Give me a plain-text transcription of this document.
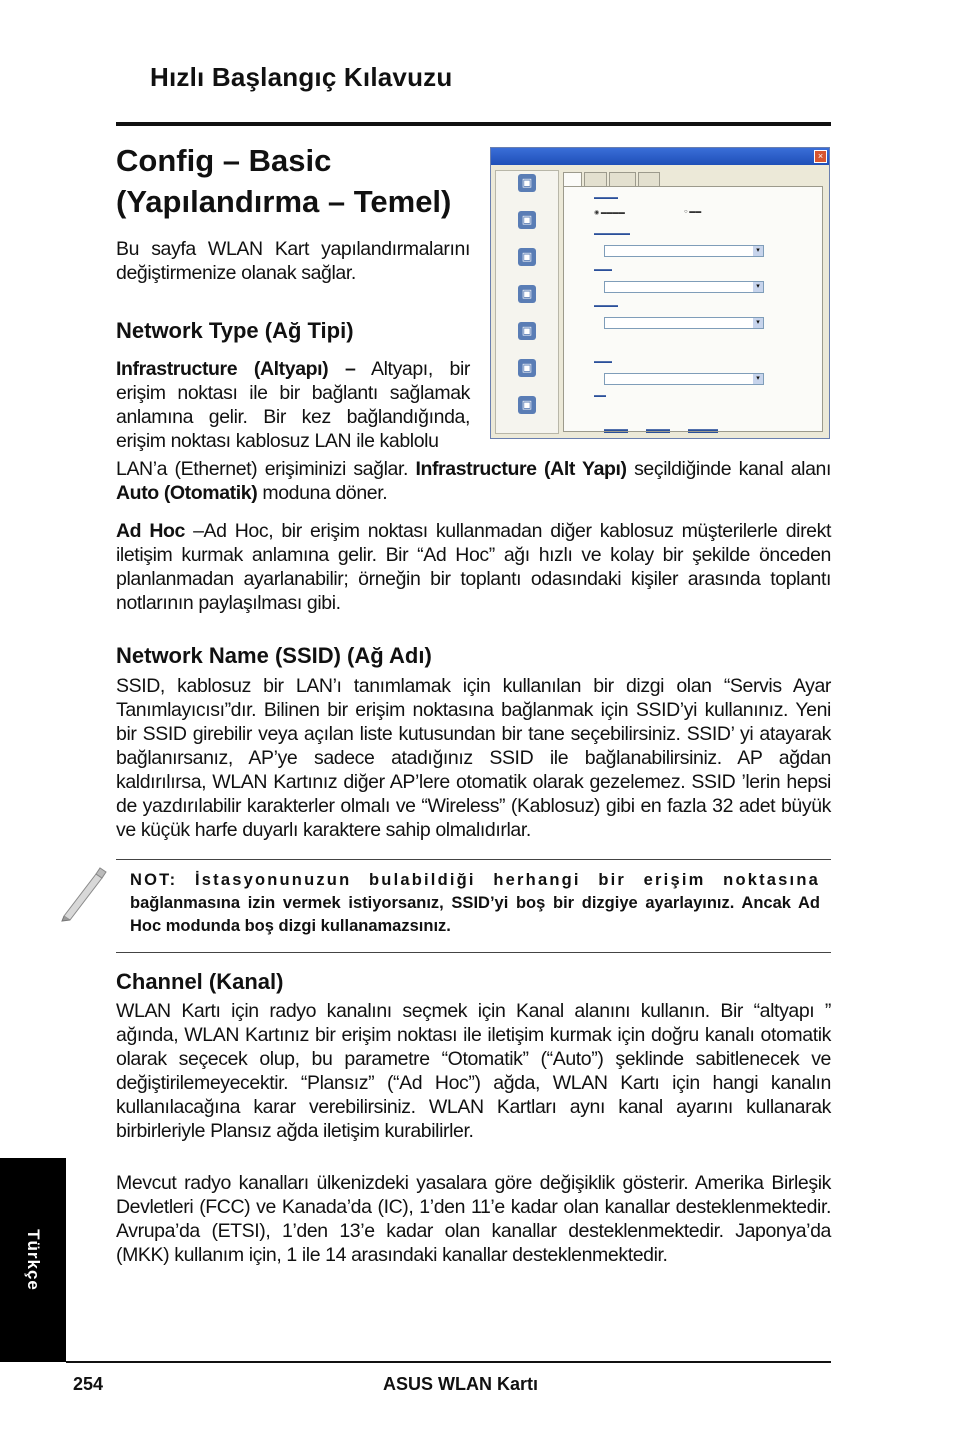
Hızlı Başlangıç Kılavuzu
Config – Basic
(Yapılandırma – Temel)

Bu sayfa WLAN Kart yapılandırmalarını değiştirmenize olanak sağlar.

×
▣
▣
▣
▣
▣
▣
▣

▬▬▬▬
◉ ▬▬▬▬	○ ▬▬
▬▬▬▬▬▬
▾
▬▬▬
▾
▬▬▬▬
▾
▬▬▬
▾
▬▬
▬▬▬▬	▬▬▬▬	▬▬▬▬▬
Network Type (Ağ Tipi)

Infrastructure (Altyapı) – Altyapı, bir erişim noktası ile bir bağlantı sağlamak anlamına gelir. Bir kez bağlandığında, erişim noktası kablosuz LAN ile kablolu

LAN’a (Ethernet) erişiminizi sağlar. Infrastructure (Alt Yapı) seçildiğinde kanal alanı Auto (Otomatik) moduna döner.

Ad Hoc –Ad Hoc, bir erişim noktası kullanmadan diğer kablosuz müşterilerle direkt iletişim kurmak anlamına gelir. Bir “Ad Hoc” ağı hızlı ve kolay bir şekilde önceden planlanmadan ayarlanabilir; örneğin bir toplantı odasındaki kişiler arasında toplantı notlarının paylaşılması gibi.

Network Name (SSID) (Ağ Adı)

SSID, kablosuz bir LAN’ı tanımlamak için kullanılan bir dizgi olan “Servis Ayar Tanımlayıcısı”dır. Bilinen bir erişim noktasına bağlanmak için SSID’yi kullanınız. Yeni bir SSID girebilir veya açılan liste kutusundan bir tane seçebilirsiniz. SSID’ yi atayarak bağlanırsanız, AP’ye sadece atadığınız SSID ile bağlanabilirsiniz. AP ağdan kaldırılırsa, WLAN Kartınız diğer AP’lere otomatik olarak gezelemez. SSID ’lerin hepsi de yazdırılabilir karakterler olmalı ve “Wireless” (Kablosuz) gibi en fazla 32 adet büyük ve küçük harfe duyarlı karaktere sahip olmalıdırlar.

NOT: İstasyonunuzun bulabildiği herhangi bir erişim noktasına bağlanmasına izin vermek istiyorsanız, SSID’yi boş bir dizgiye ayarlayınız. Ancak Ad Hoc modunda boş dizgi kullanamazsınız.

Channel (Kanal)

WLAN Kartı için radyo kanalını seçmek için Kanal alanını kullanın. Bir “altyapı ” ağında, WLAN Kartınız bir erişim noktası ile iletişim kurmak için doğru kanalı otomatik olarak seçecek olup, bu parametre “Otomatik” (“Auto”) şeklinde sabitlenecek ve değiştirilemeyecektir. “Plansız” (“Ad Hoc”) ağda, WLAN Kartı için hangi kanalın kullanılacağına karar verebilirsiniz. WLAN Kartları aynı kanal ayarını kullanarak birbirleriyle Plansız ağda iletişim kurabilirler.

Mevcut radyo kanalları ülkenizdeki yasalara göre değişiklik gösterir. Amerika Birleşik Devletleri (FCC) ve Kanada’da (IC), 1’den 11’e kadar olan kanallar desteklenmektedir. Avrupa’da (ETSI), 1’den 13’e kadar olan kanallar desteklenmektedir. Japonya’da (MKK) kullanım için, 1 ile 14 arasındaki kanallar desteklenmektedir.

Türkçe
254	ASUS WLAN Kartı
